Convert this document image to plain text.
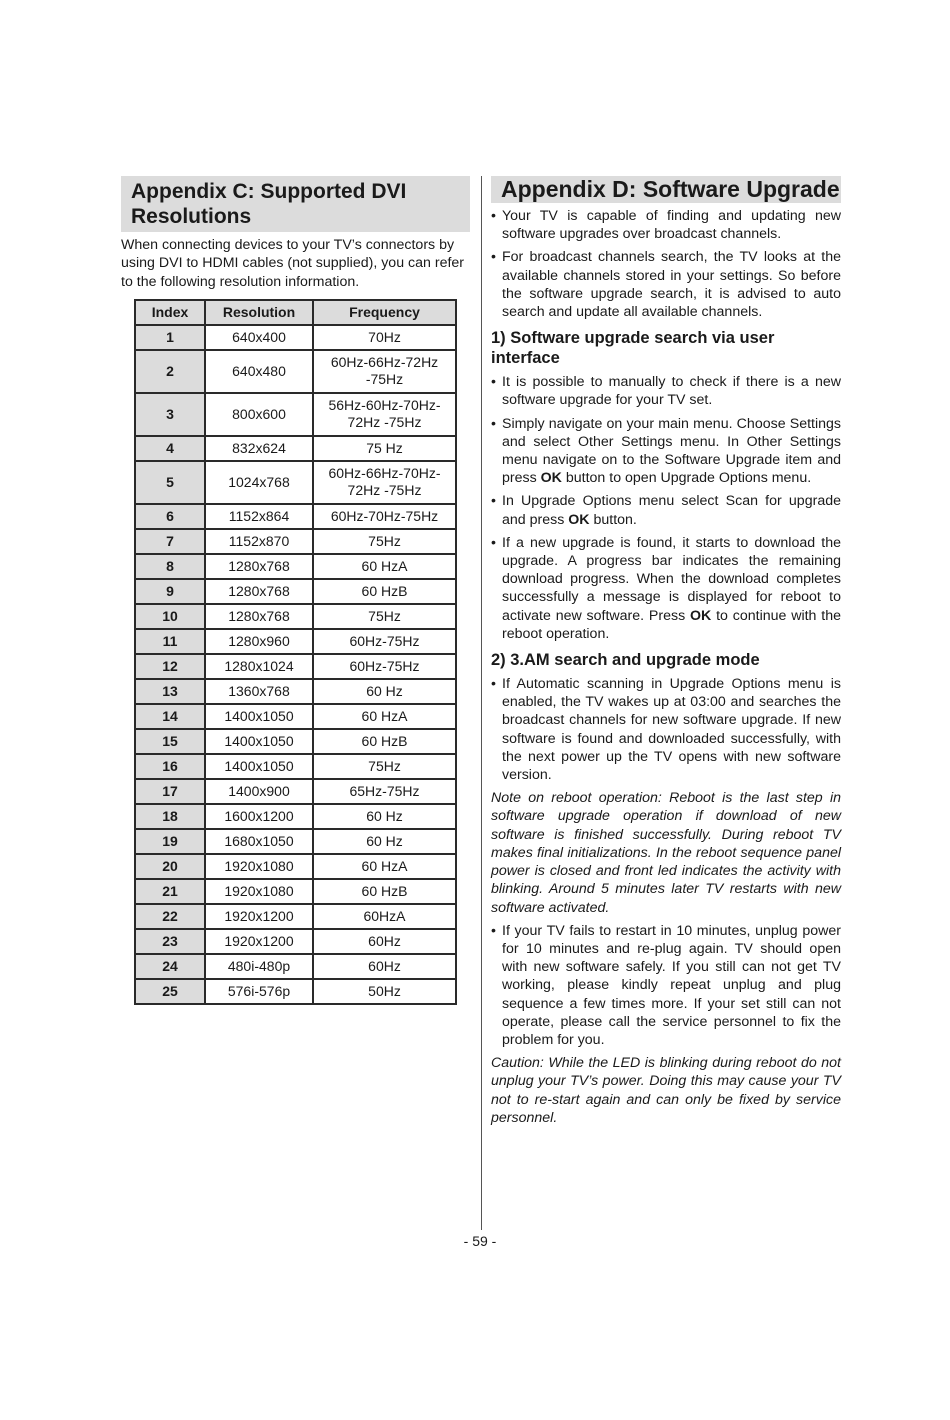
Appendix C: Supported DVI Resolutions
When connecting devices to your TV’s connectors by using DVI to HDMI cables (not supplied), you can refer to the following resolution information.
Index	Resolution	Frequency
1	640x400	70Hz
2	640x480	60Hz-66Hz-72Hz -75Hz
3	800x600	56Hz-60Hz-70Hz-72Hz -75Hz
4	832x624	75 Hz
5	1024x768	60Hz-66Hz-70Hz-72Hz -75Hz
6	1152x864	60Hz-70Hz-75Hz
7	1152x870	75Hz
8	1280x768	60 HzA
9	1280x768	60 HzB
10	1280x768	75Hz
11	1280x960	60Hz-75Hz
12	1280x1024	60Hz-75Hz
13	1360x768	60 Hz
14	1400x1050	60 HzA
15	1400x1050	60 HzB
16	1400x1050	75Hz
17	1400x900	65Hz-75Hz
18	1600x1200	60 Hz
19	1680x1050	60 Hz
20	1920x1080	60 HzA
21	1920x1080	60 HzB
22	1920x1200	60HzA
23	1920x1200	60Hz
24	480i-480p	60Hz
25	576i-576p	50Hz
Appendix D: Software Upgrade
• Your TV is capable of finding and updating new software upgrades over broadcast channels.
• For broadcast channels search, the TV looks at the available channels stored in your settings. So before the software upgrade search, it is advised to auto search and update all available channels.
1) Software upgrade search via user interface
• It is possible to manually to check if there is a new software upgrade for your TV set.
• Simply navigate on your main menu. Choose Settings and select Other Settings menu. In Other Settings menu navigate on to the Software Upgrade item and press OK button to open Upgrade Options menu.
• In Upgrade Options menu select Scan for upgrade and press OK button.
• If a new upgrade is found, it starts to download the upgrade. A progress bar indicates the remaining download progress. When the download completes successfully a message is displayed for reboot to activate new software. Press OK to continue with the reboot operation.
2) 3.AM search and upgrade mode
• If Automatic scanning in Upgrade Options menu is enabled, the TV wakes up at 03:00 and searches the broadcast channels for new software upgrade. If new software is found and downloaded successfully, with the next power up the TV opens with new software version.
Note on reboot operation: Reboot is the last step in software upgrade operation if download of new software is finished successfully. During reboot TV makes final initializations. In the reboot sequence panel power is closed and front led indicates the activity with blinking. Around 5 minutes later TV restarts with new software activated.
• If your TV fails to restart in 10 minutes, unplug power for 10 minutes and re-plug again. TV should open with new software safely. If you still can not get TV working, please kindly repeat unplug and plug sequence a few times more. If your set still can not operate, please call the service personnel to fix the problem for you.
Caution: While the LED is blinking during reboot do not unplug your TV’s power. Doing this may cause your TV not to re-start again and can only be fixed by service personnel.
- 59 -
